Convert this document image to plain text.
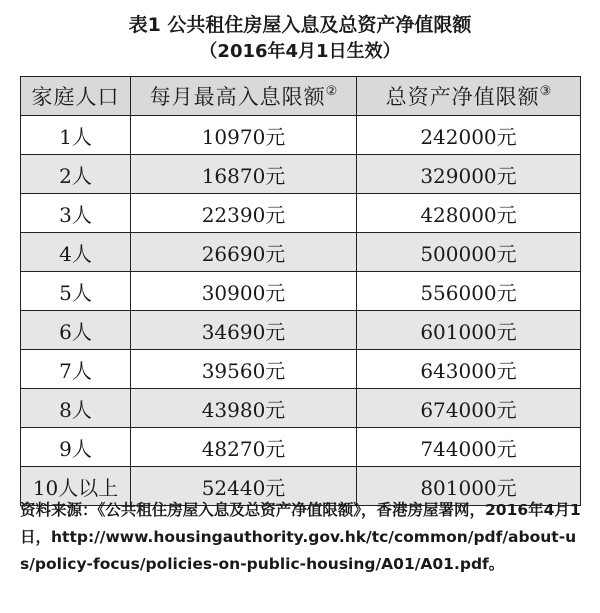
表1 公共租住房屋入息及总资产净值限额
（2016年4月1日生效）
家庭人口	每月最高入息限额②	总资产净值限额③
1人	10970元	242000元
2人	16870元	329000元
3人	22390元	428000元
4人	26690元	500000元
5人	30900元	556000元
6人	34690元	601000元
7人	39560元	643000元
8人	43980元	674000元
9人	48270元	744000元
10人以上	52440元	801000元
资料来源：《公共租住房屋入息及总资产净值限额》，香港房屋署网，2016年4月1日，http://www.housingauthority.gov.hk/tc/common/pdf/about-us/policy-focus/policies-on-public-housing/A01/A01.pdf。
